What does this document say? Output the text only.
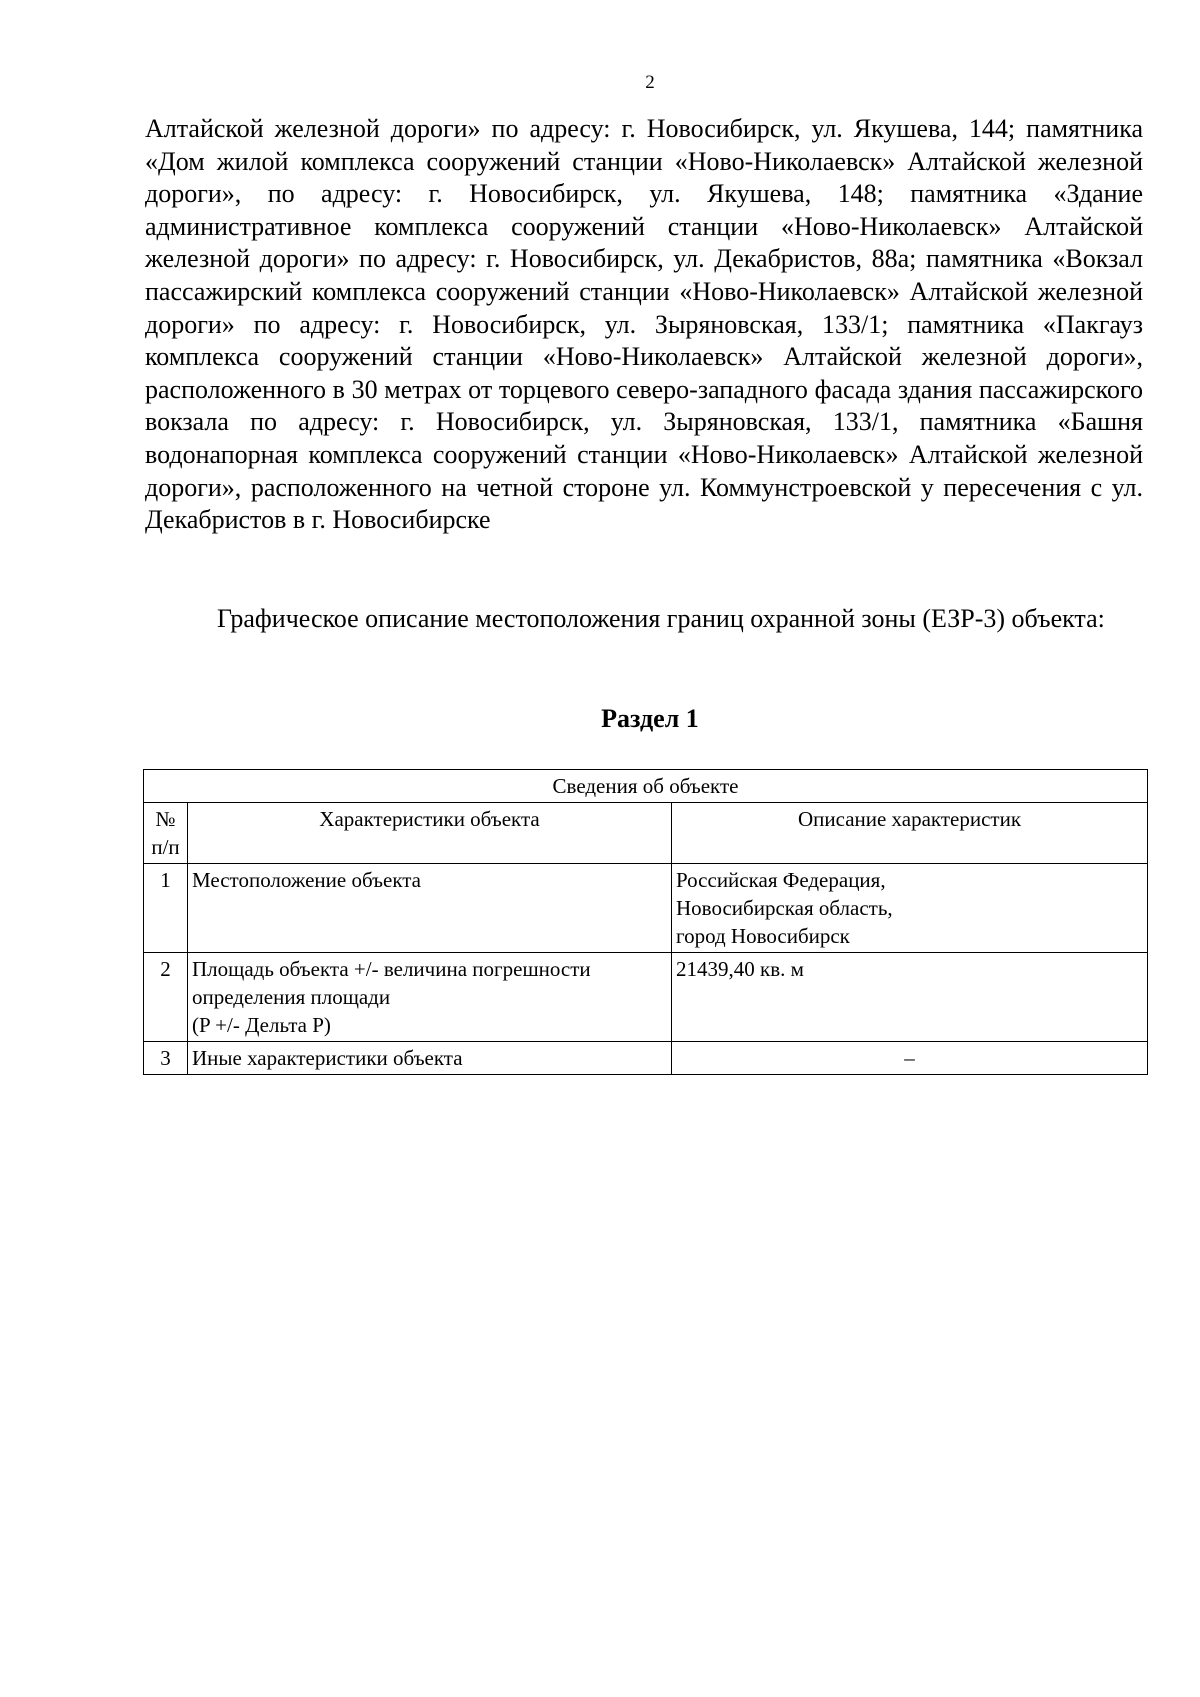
2

Алтайской железной дороги» по адресу: г. Новосибирск, ул. Якушева, 144; памятника «Дом жилой комплекса сооружений станции «Ново-Николаевск» Алтайской железной дороги», по адресу: г. Новосибирск, ул. Якушева, 148; памятника «Здание административное комплекса сооружений станции «Ново-Николаевск» Алтайской железной дороги» по адресу: г. Новосибирск, ул. Декабристов, 88а; памятника «Вокзал пассажирский комплекса сооружений станции «Ново-Николаевск» Алтайской железной дороги» по адресу: г. Новосибирск, ул. Зыряновская, 133/1; памятника «Пакгауз комплекса сооружений станции «Ново-Николаевск» Алтайской железной дороги», расположенного в 30 метрах от торцевого северо-западного фасада здания пассажирского вокзала по адресу: г. Новосибирск, ул. Зыряновская, 133/1, памятника «Башня водонапорная комплекса сооружений станции «Ново-Николаевск» Алтайской железной дороги», расположенного на четной стороне ул. Коммунстроевской у пересечения с ул. Декабристов в г. Новосибирске

Графическое описание местоположения границ охранной зоны (ЕЗР-3) объекта:

Раздел 1
Сведения об объекте		

№ п/п	Характеристики объекта	Описание характеристик
1	Местоположение объекта	Российская Федерация,
Новосибирская область,
город Новосибирск

2	Площадь объекта +/- величина погрешности
определения площади
(P +/- Дельта P)	21439,40 кв. м

3	Иные характеристики объекта	–
